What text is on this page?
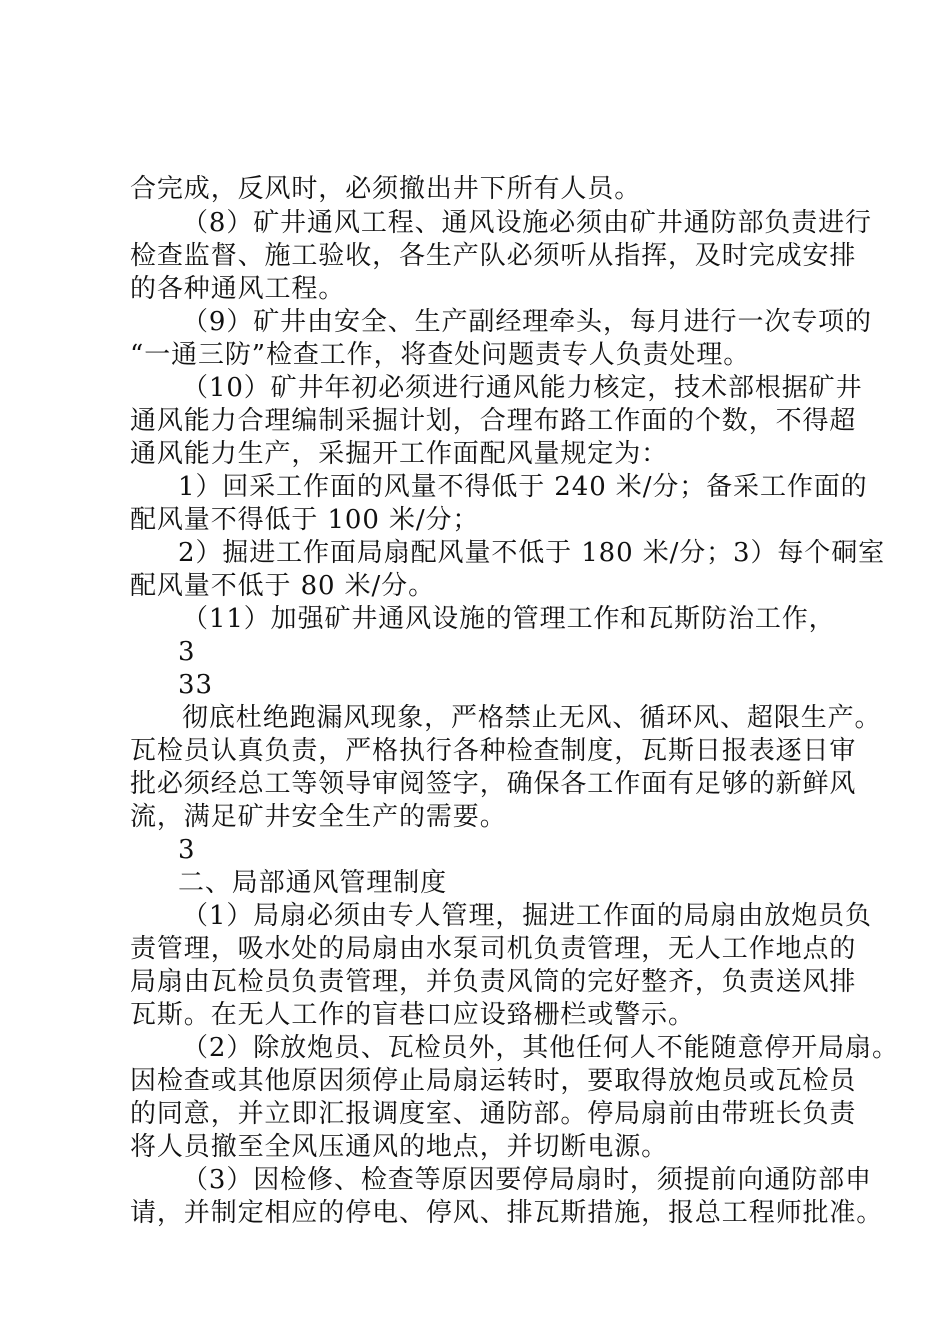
合完成，反风时，必须撤出井下所有人员。
（8）矿井通风工程、通风设施必须由矿井通防部负责进行
检查监督、施工验收，各生产队必须听从指挥，及时完成安排
的各种通风工程。
（9）矿井由安全、生产副经理牵头，每月进行一次专项的
“一通三防”检查工作，将查处问题责专人负责处理。
（10）矿井年初必须进行通风能力核定，技术部根据矿井
通风能力合理编制采掘计划，合理布路工作面的个数，不得超
通风能力生产，采掘开工作面配风量规定为：
1）回采工作面的风量不得低于 240 米/分；备采工作面的
配风量不得低于 100 米/分；
2）掘进工作面局扇配风量不低于 180 米/分；3）每个硐室
配风量不低于 80 米/分。
（11）加强矿井通风设施的管理工作和瓦斯防治工作，
3
33
彻底杜绝跑漏风现象，严格禁止无风、循环风、超限生产。
瓦检员认真负责，严格执行各种检查制度，瓦斯日报表逐日审
批必须经总工等领导审阅签字，确保各工作面有足够的新鲜风
流，满足矿井安全生产的需要。
3
二、局部通风管理制度
（1）局扇必须由专人管理，掘进工作面的局扇由放炮员负
责管理，吸水处的局扇由水泵司机负责管理，无人工作地点的
局扇由瓦检员负责管理，并负责风筒的完好整齐，负责送风排
瓦斯。在无人工作的盲巷口应设臵栅栏或警示。
（2）除放炮员、瓦检员外，其他任何人不能随意停开局扇。
因检查或其他原因须停止局扇运转时，要取得放炮员或瓦检员
的同意，并立即汇报调度室、通防部。停局扇前由带班长负责
将人员撤至全风压通风的地点，并切断电源。
（3）因检修、检查等原因要停局扇时，须提前向通防部申
请，并制定相应的停电、停风、排瓦斯措施，报总工程师批准。
